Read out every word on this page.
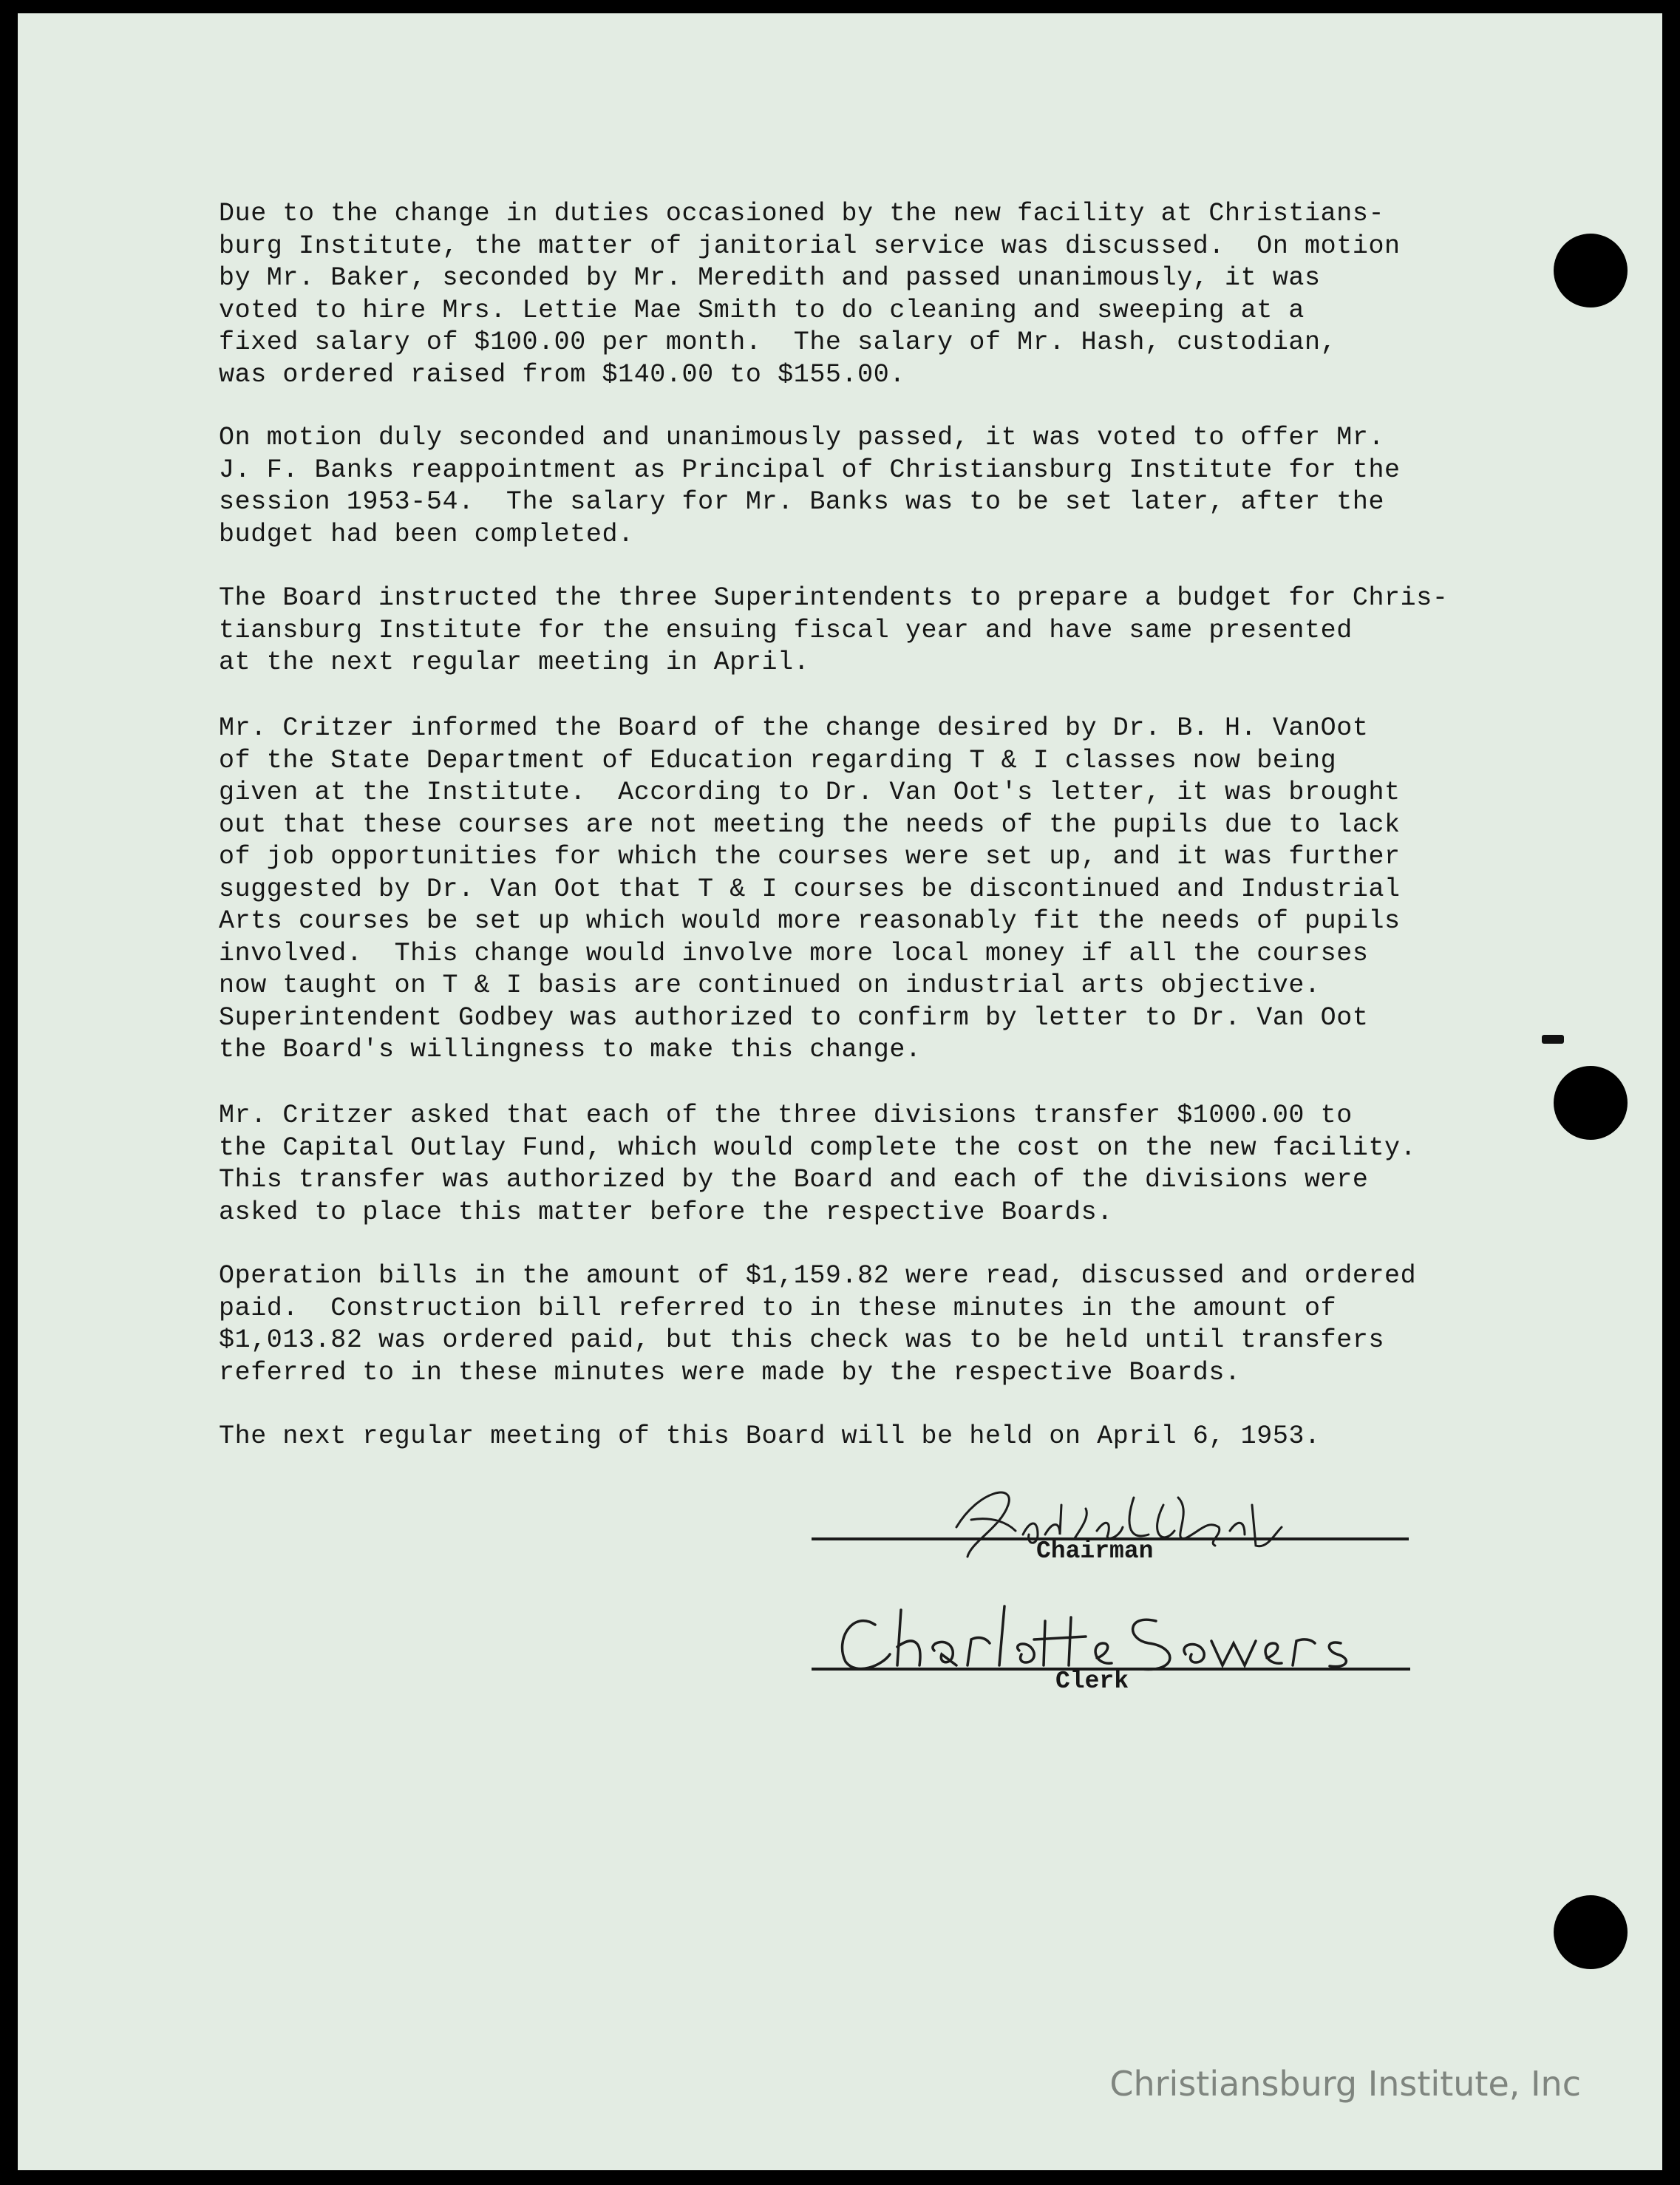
Due to the change in duties occasioned by the new facility at Christians-
burg Institute, the matter of janitorial service was discussed.  On motion
by Mr. Baker, seconded by Mr. Meredith and passed unanimously, it was
voted to hire Mrs. Lettie Mae Smith to do cleaning and sweeping at a
fixed salary of $100.00 per month.  The salary of Mr. Hash, custodian,
was ordered raised from $140.00 to $155.00.

On motion duly seconded and unanimously passed, it was voted to offer Mr.
J. F. Banks reappointment as Principal of Christiansburg Institute for the
session 1953-54.  The salary for Mr. Banks was to be set later, after the
budget had been completed.

The Board instructed the three Superintendents to prepare a budget for Chris-
tiansburg Institute for the ensuing fiscal year and have same presented
at the next regular meeting in April.

Mr. Critzer informed the Board of the change desired by Dr. B. H. VanOot
of the State Department of Education regarding T & I classes now being
given at the Institute.  According to Dr. Van Oot's letter, it was brought
out that these courses are not meeting the needs of the pupils due to lack
of job opportunities for which the courses were set up, and it was further
suggested by Dr. Van Oot that T & I courses be discontinued and Industrial
Arts courses be set up which would more reasonably fit the needs of pupils
involved.  This change would involve more local money if all the courses
now taught on T & I basis are continued on industrial arts objective.
Superintendent Godbey was authorized to confirm by letter to Dr. Van Oot
the Board's willingness to make this change.

Mr. Critzer asked that each of the three divisions transfer $1000.00 to
the Capital Outlay Fund, which would complete the cost on the new facility.
This transfer was authorized by the Board and each of the divisions were
asked to place this matter before the respective Boards.

Operation bills in the amount of $1,159.82 were read, discussed and ordered
paid.  Construction bill referred to in these minutes in the amount of
$1,013.82 was ordered paid, but this check was to be held until transfers
referred to in these minutes were made by the respective Boards.

The next regular meeting of this Board will be held on April 6, 1953.

Chairman
Clerk
Christiansburg Institute, Inc
